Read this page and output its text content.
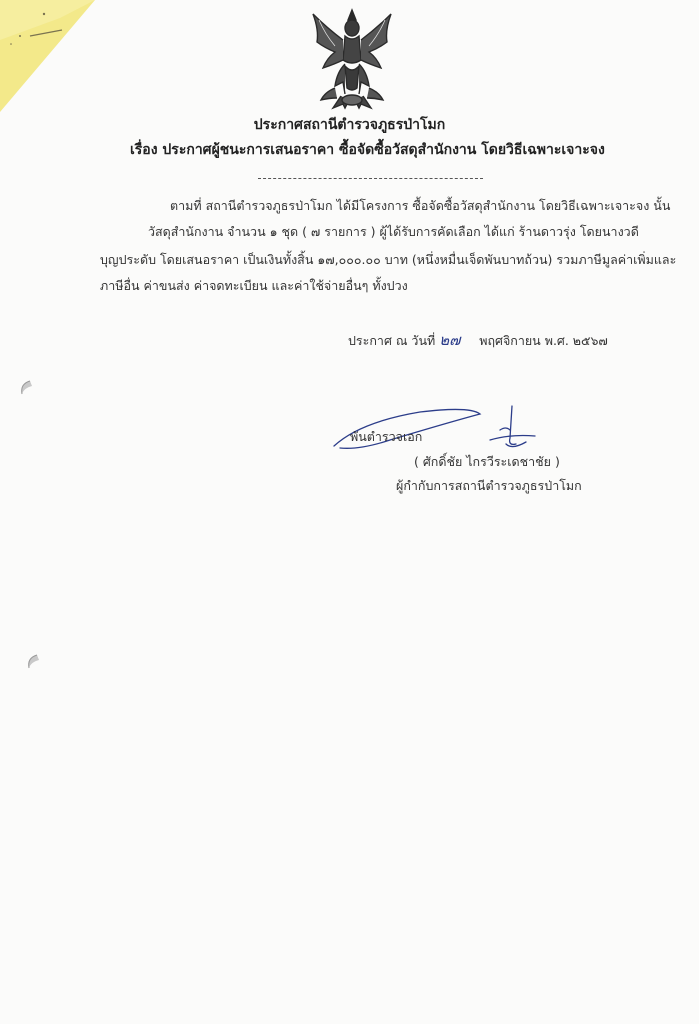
ประกาศสถานีตำรวจภูธรป่าโมก
เรื่อง ประกาศผู้ชนะการเสนอราคา ซื้อจัดซื้อวัสดุสำนักงาน โดยวิธีเฉพาะเจาะจง
ตามที่ สถานีตำรวจภูธรป่าโมก ได้มีโครงการ ซื้อจัดซื้อวัสดุสำนักงาน โดยวิธีเฉพาะเจาะจง นั้น
วัสดุสำนักงาน จำนวน ๑ ชุด ( ๗ รายการ ) ผู้ได้รับการคัดเลือก ได้แก่ ร้านดาวรุ่ง โดยนางวดี
บุญประดับ โดยเสนอราคา เป็นเงินทั้งสิ้น ๑๗,๐๐๐.๐๐ บาท (หนึ่งหมื่นเจ็ดพันบาทถ้วน) รวมภาษีมูลค่าเพิ่มและ
ภาษีอื่น ค่าขนส่ง ค่าจดทะเบียน และค่าใช้จ่ายอื่นๆ ทั้งปวง
ประกาศ ณ วันที่ ๒๗ พฤศจิกายน พ.ศ. ๒๕๖๗
พันตำรวจเอก
( ศักดิ์ชัย ไกรวีระเดชาชัย )
ผู้กำกับการสถานีตำรวจภูธรป่าโมก
